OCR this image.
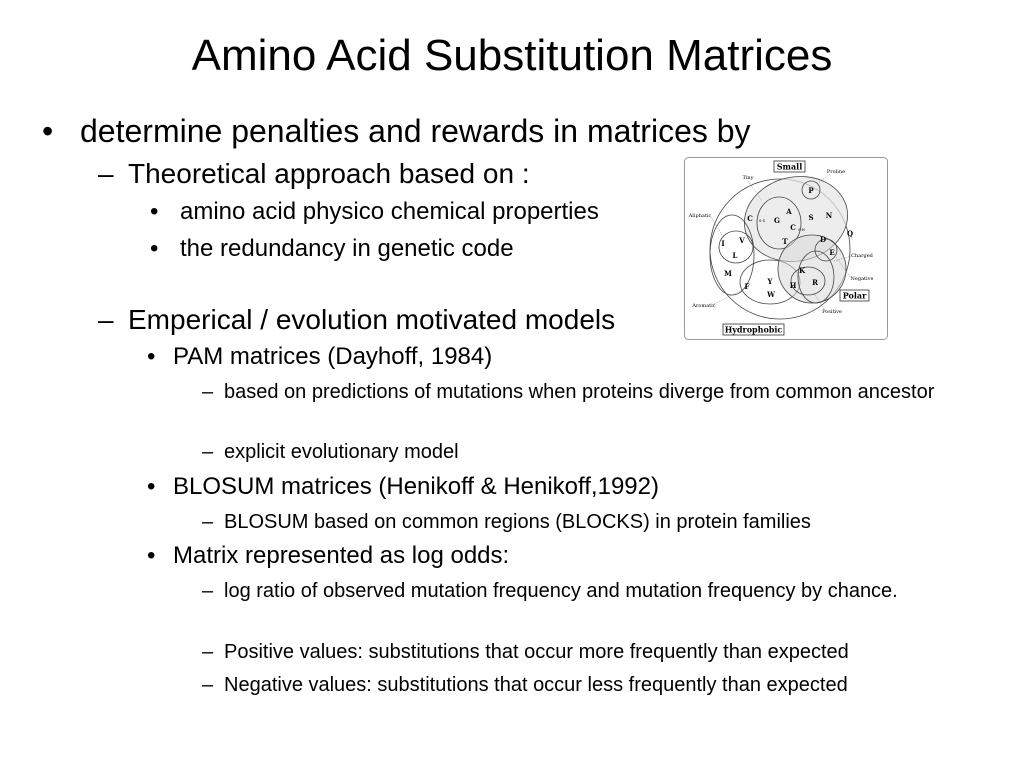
Amino Acid Substitution Matrices
• determine penalties and rewards in matrices by
– Theoretical approach based on :
• amino acid physico chemical properties
• the redundancy in genetic code
– Emperical / evolution motivated models
• PAM matrices (Dayhoff, 1984)
– based on predictions of mutations when proteins diverge from common ancestor
– explicit evolutionary model
• BLOSUM matrices (Henikoff & Henikoff,1992)
– BLOSUM based on common regions (BLOCKS) in protein families
• Matrix represented as log odds:
– log ratio of observed mutation frequency and mutation frequency by chance.
– Positive values: substitutions that occur more frequently than expected
– Negative values: substitutions that occur less frequently than expected
Small
Polar
Hydrophobic
Tiny
Proline
Aliphatic
Charged
Negative
Positive
Aromatic
P
A
G	S N
Q
C S-S
C S-H
T	D
E
I V
L
M	K
R
F
Y
W
H
